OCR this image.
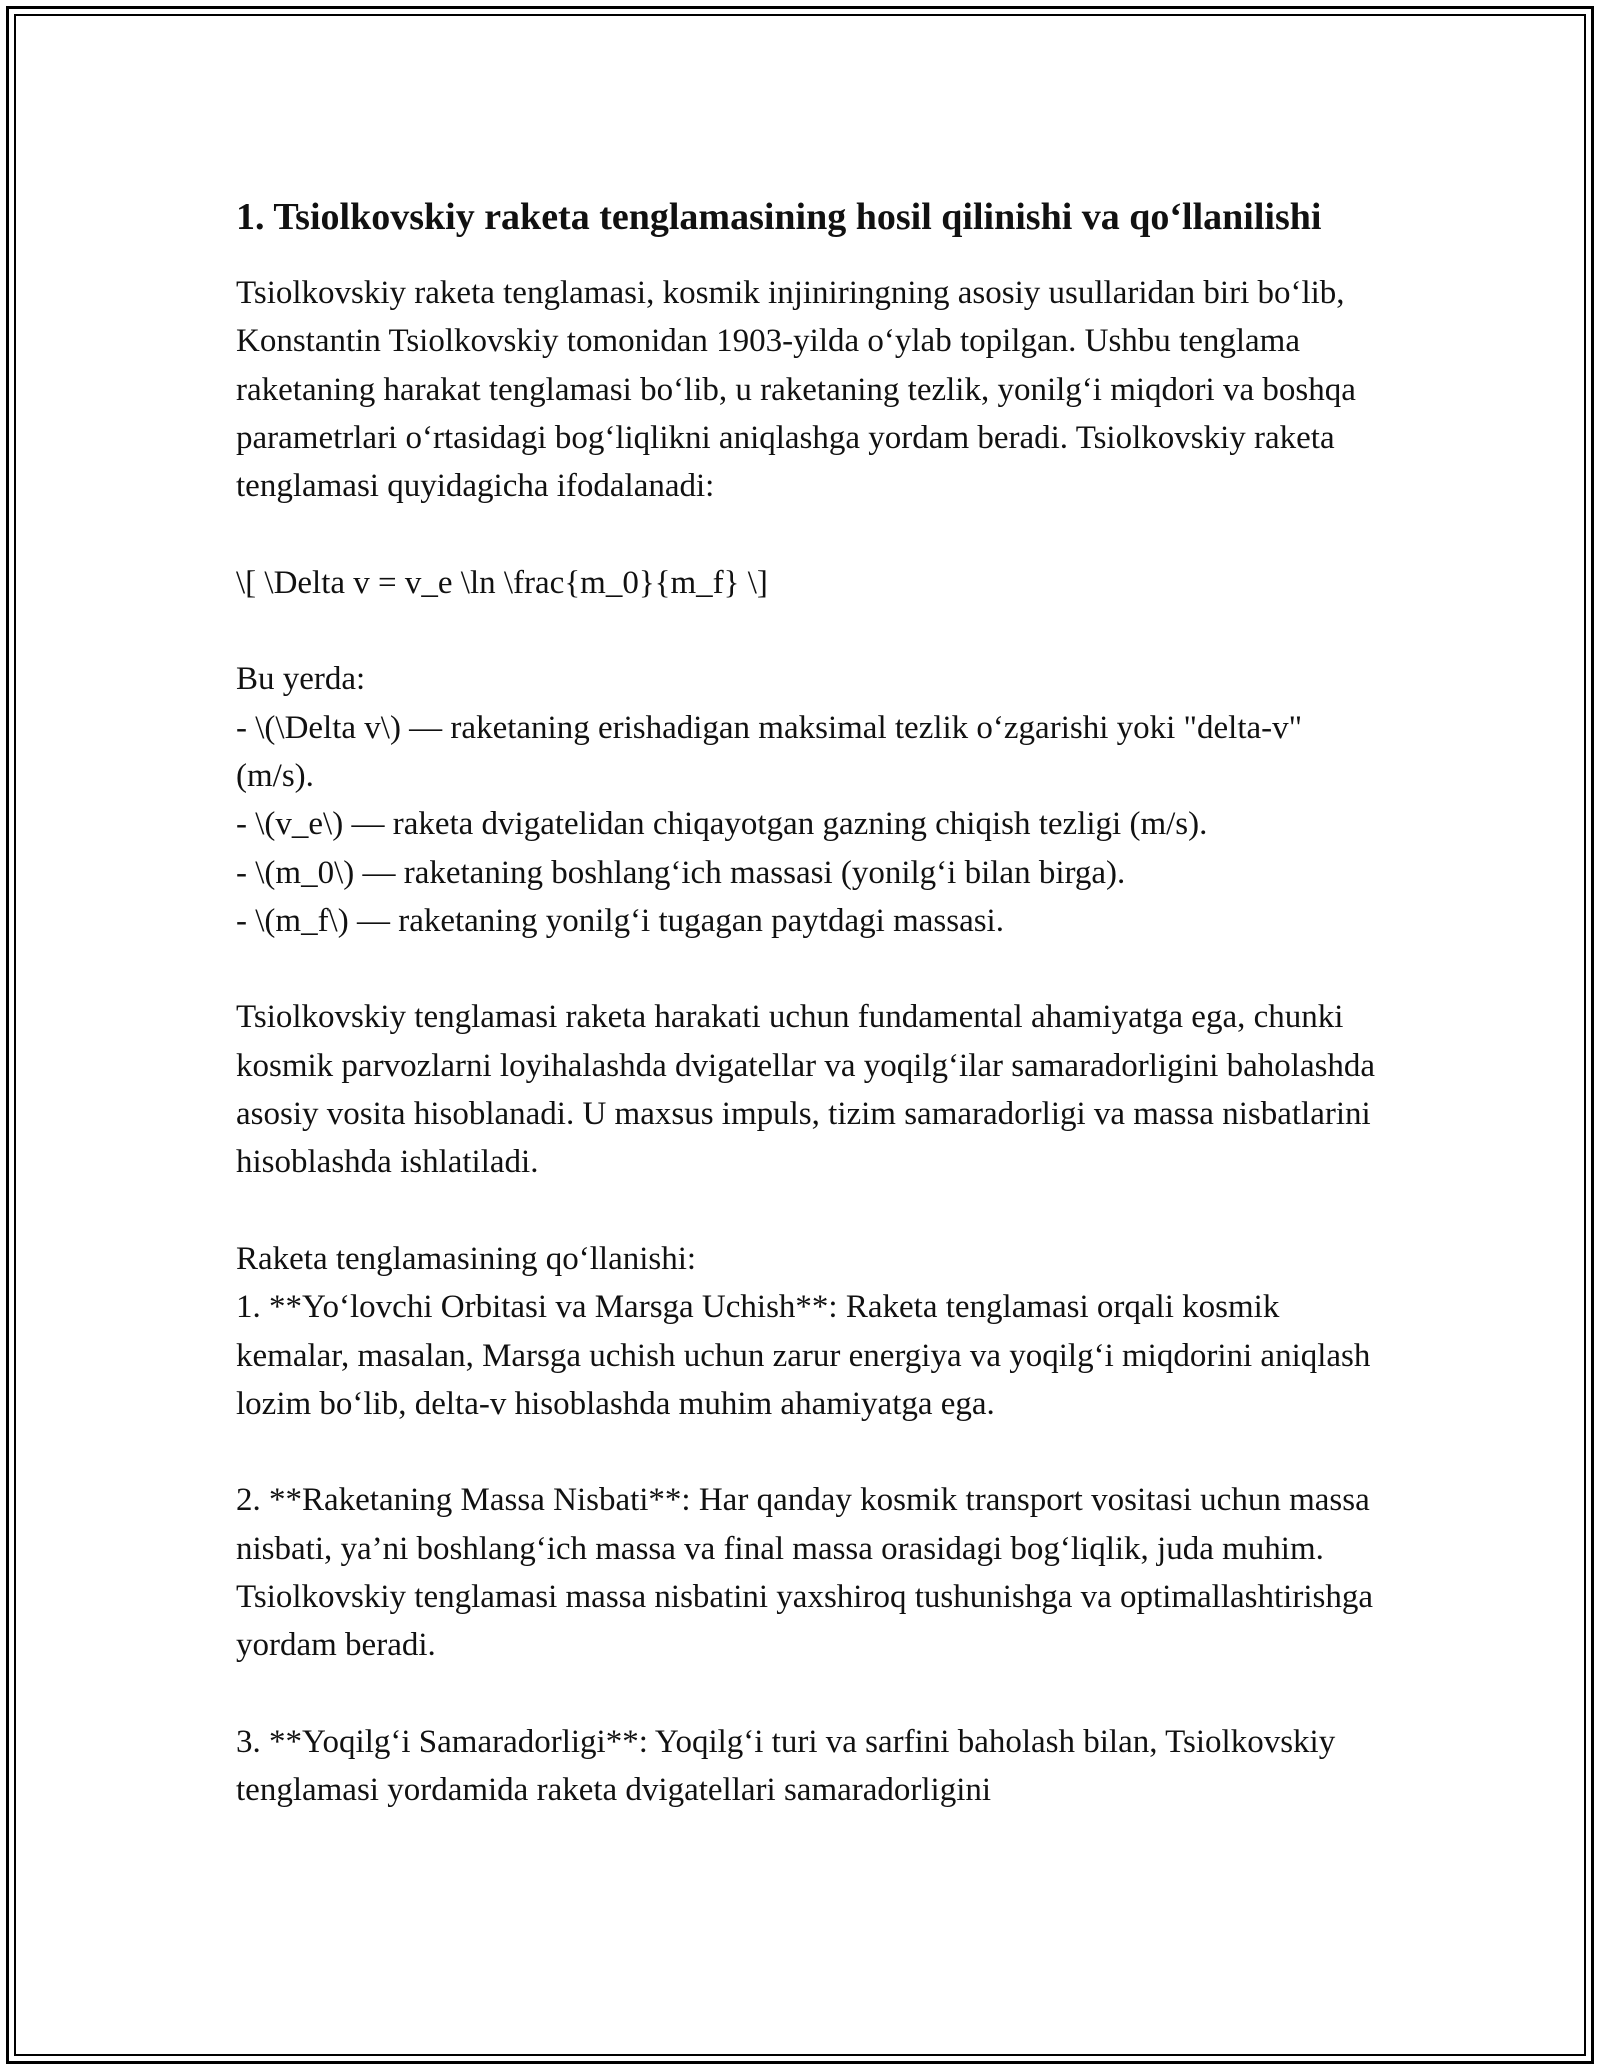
1. Tsiolkovskiy raketa tenglamasining hosil qilinishi va qo‘llanilishi

Tsiolkovskiy raketa tenglamasi, kosmik injiniringning asosiy usullaridan biri bo‘lib, Konstantin Tsiolkovskiy tomonidan 1903-yilda o‘ylab topilgan. Ushbu tenglama raketaning harakat tenglamasi bo‘lib, u raketaning tezlik, yonilg‘i miqdori va boshqa parametrlari o‘rtasidagi bog‘liqlikni aniqlashga yordam beradi. Tsiolkovskiy raketa tenglamasi quyidagicha ifodalanadi:

\[ \Delta v = v_e \ln \frac{m_0}{m_f} \]

Bu yerda:
- \(\Delta v\) — raketaning erishadigan maksimal tezlik o‘zgarishi yoki "delta-v" (m/s).
- \(v_e\) — raketa dvigatelidan chiqayotgan gazning chiqish tezligi (m/s).
- \(m_0\) — raketaning boshlang‘ich massasi (yonilg‘i bilan birga).
- \(m_f\) — raketaning yonilg‘i tugagan paytdagi massasi.

Tsiolkovskiy tenglamasi raketa harakati uchun fundamental ahamiyatga ega, chunki kosmik parvozlarni loyihalashda dvigatellar va yoqilg‘ilar samaradorligini baholashda asosiy vosita hisoblanadi. U maxsus impuls, tizim samaradorligi va massa nisbatlarini hisoblashda ishlatiladi.

Raketa tenglamasining qo‘llanishi:
1. **Yo‘lovchi Orbitasi va Marsga Uchish**: Raketa tenglamasi orqali kosmik kemalar, masalan, Marsga uchish uchun zarur energiya va yoqilg‘i miqdorini aniqlash lozim bo‘lib, delta-v hisoblashda muhim ahamiyatga ega.

2. **Raketaning Massa Nisbati**: Har qanday kosmik transport vositasi uchun massa nisbati, ya’ni boshlang‘ich massa va final massa orasidagi bog‘liqlik, juda muhim. Tsiolkovskiy tenglamasi massa nisbatini yaxshiroq tushunishga va optimallashtirishga yordam beradi.

3. **Yoqilg‘i Samaradorligi**: Yoqilg‘i turi va sarfini baholash bilan, Tsiolkovskiy tenglamasi yordamida raketa dvigatellari samaradorligini
